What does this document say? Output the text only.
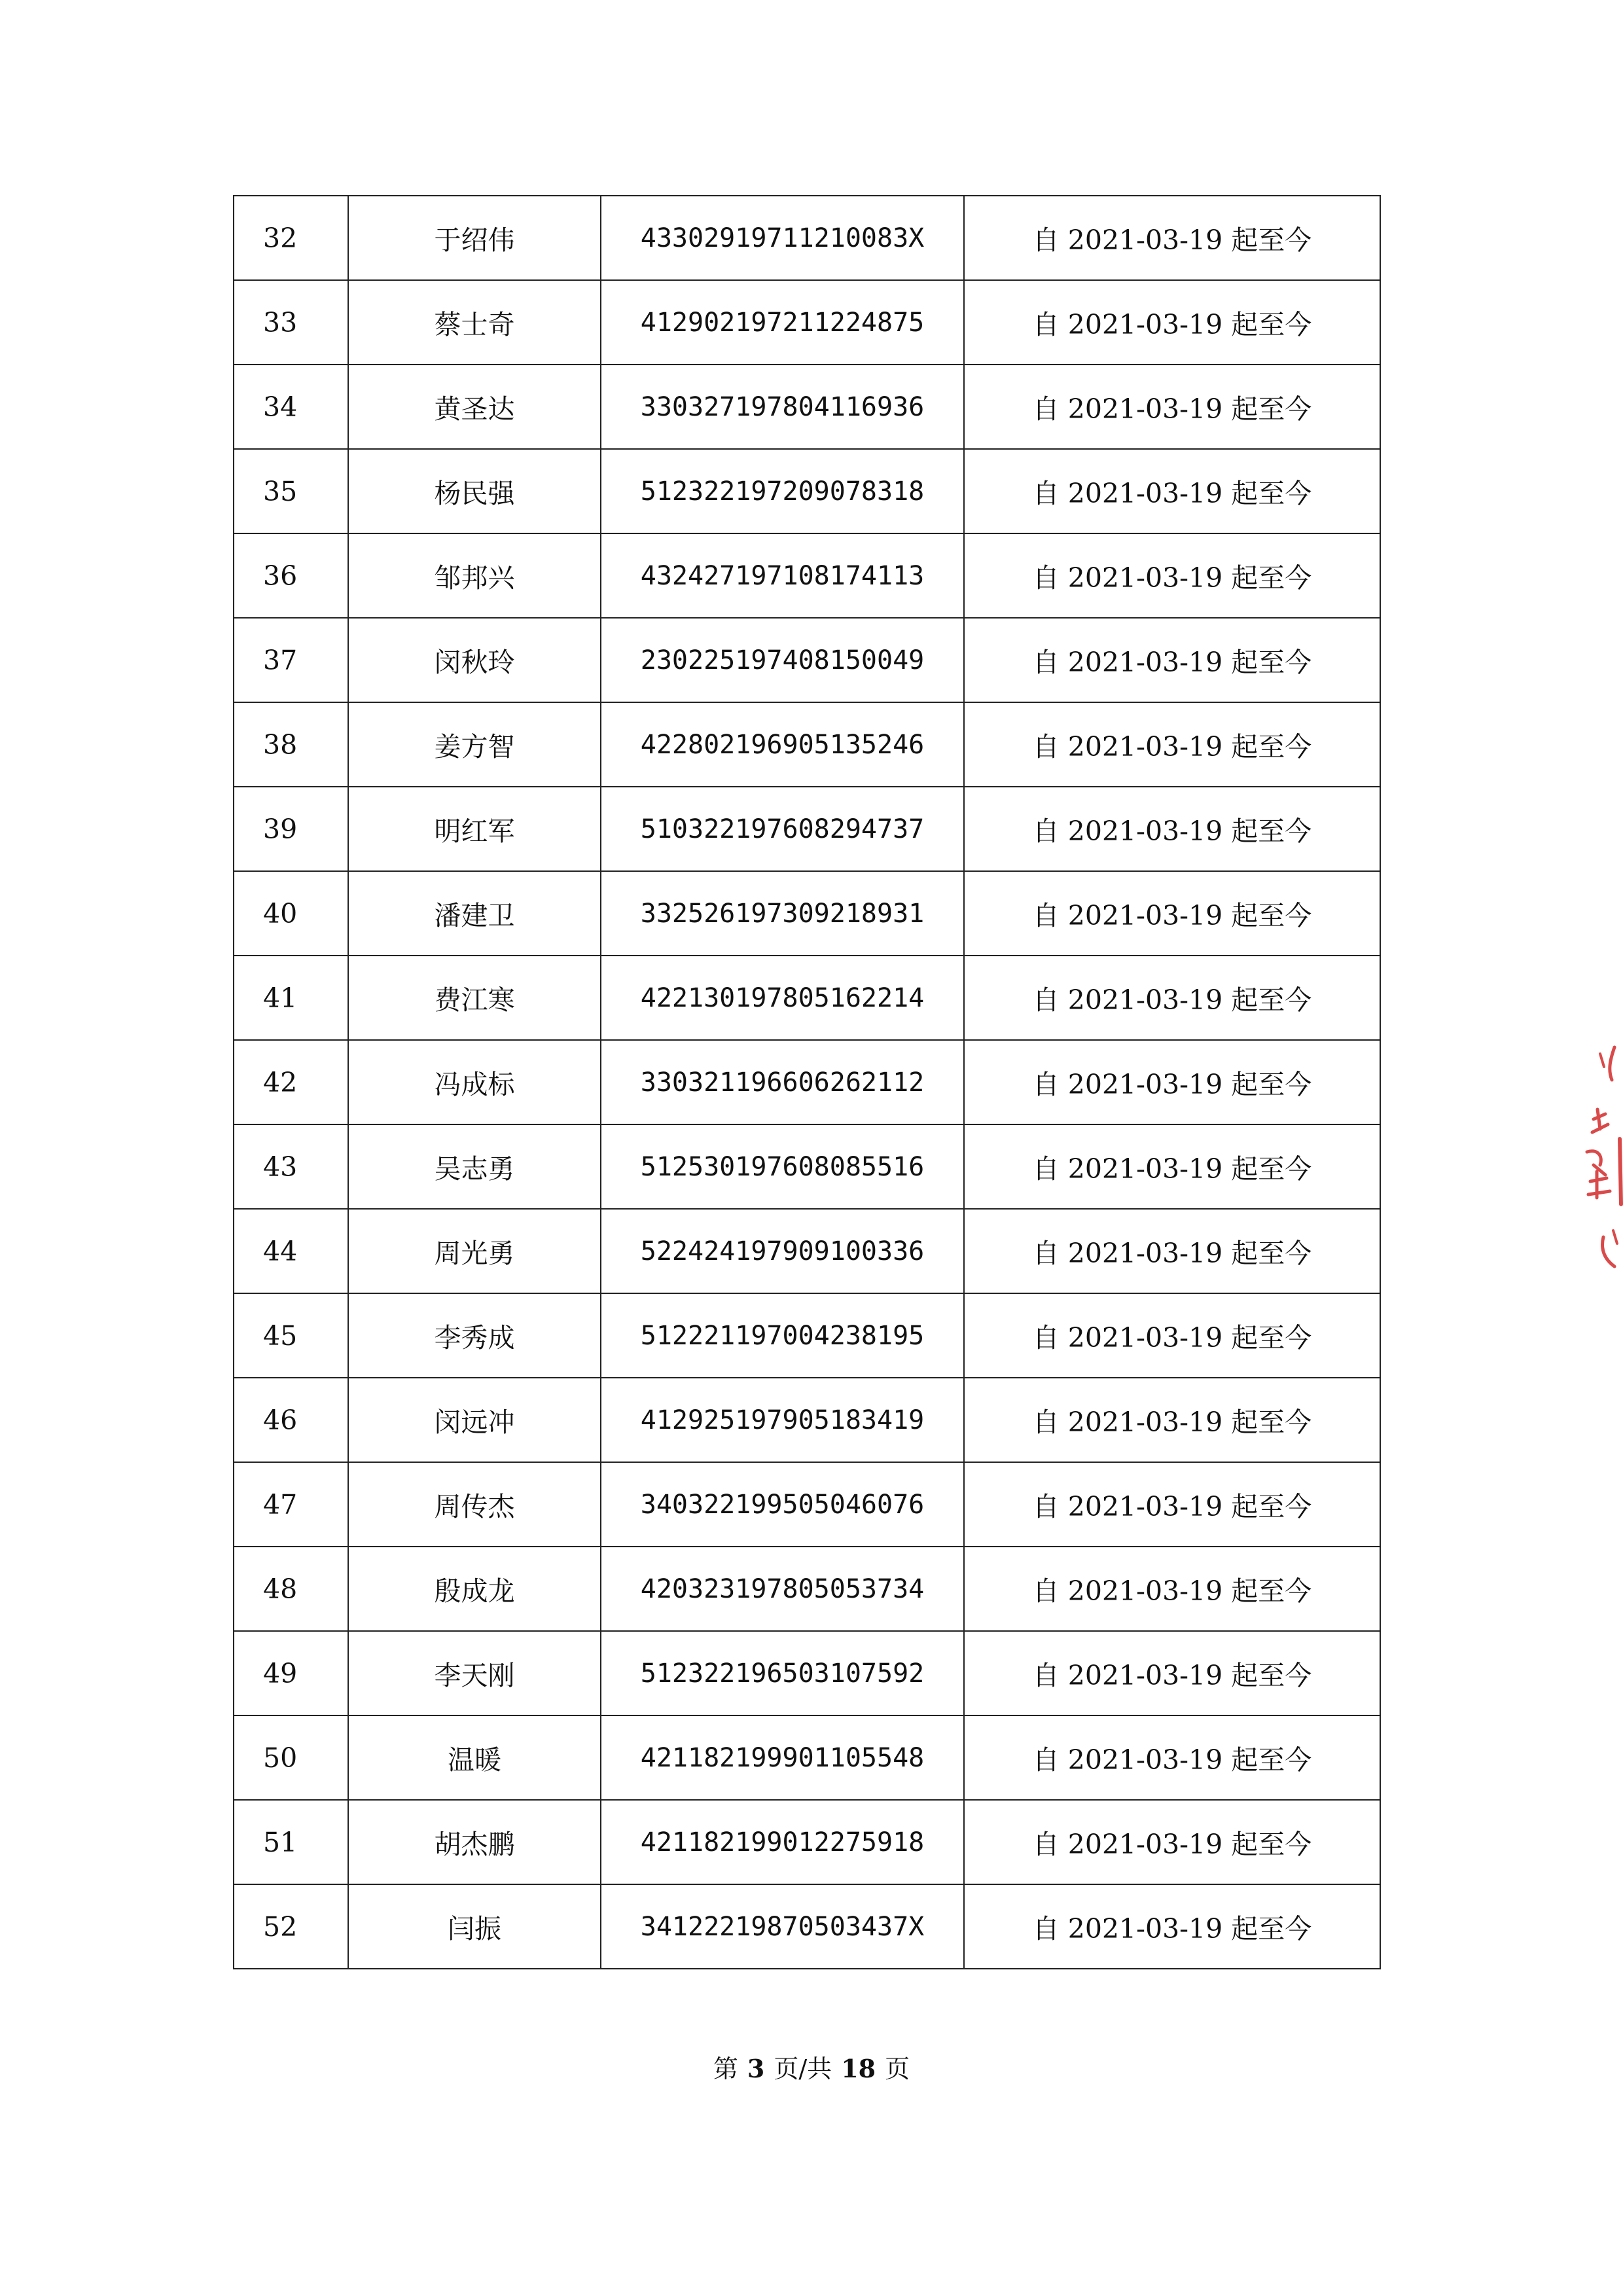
32	于绍伟	43302919711210083X	自 2021-03-19 起至今
33	蔡士奇	412902197211224875	自 2021-03-19 起至今
34	黄圣达	330327197804116936	自 2021-03-19 起至今
35	杨民强	512322197209078318	自 2021-03-19 起至今
36	邹邦兴	432427197108174113	自 2021-03-19 起至今
37	闵秋玲	230225197408150049	自 2021-03-19 起至今
38	姜方智	422802196905135246	自 2021-03-19 起至今
39	明红军	510322197608294737	自 2021-03-19 起至今
40	潘建卫	332526197309218931	自 2021-03-19 起至今
41	费江寒	422130197805162214	自 2021-03-19 起至今
42	冯成标	330321196606262112	自 2021-03-19 起至今
43	吴志勇	512530197608085516	自 2021-03-19 起至今
44	周光勇	522424197909100336	自 2021-03-19 起至今
45	李秀成	512221197004238195	自 2021-03-19 起至今
46	闵远冲	412925197905183419	自 2021-03-19 起至今
47	周传杰	340322199505046076	自 2021-03-19 起至今
48	殷成龙	420323197805053734	自 2021-03-19 起至今
49	李天刚	512322196503107592	自 2021-03-19 起至今
50	温暖	421182199901105548	自 2021-03-19 起至今
51	胡杰鹏	421182199012275918	自 2021-03-19 起至今
52	闫振	34122219870503437X	自 2021-03-19 起至今
第 3 页/共 18 页
